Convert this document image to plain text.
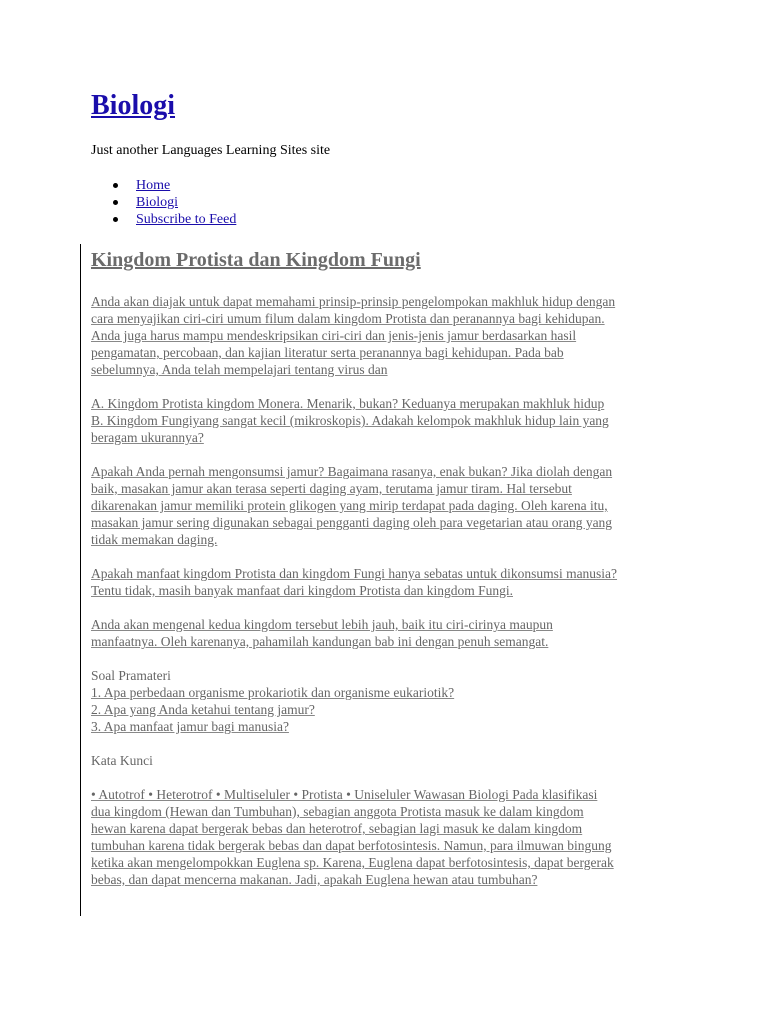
Biologi

Just another Languages Learning Sites site

Home
Biologi
Subscribe to Feed
Kingdom Protista dan Kingdom Fungi

Anda akan diajak untuk dapat memahami prinsip-prinsip pengelompokan makhluk hidup dengan
cara menyajikan ciri-ciri umum filum dalam kingdom Protista dan peranannya bagi kehidupan.
Anda juga harus mampu mendeskripsikan ciri-ciri dan jenis-jenis jamur berdasarkan hasil
pengamatan, percobaan, dan kajian literatur serta peranannya bagi kehidupan. Pada bab
sebelumnya, Anda telah mempelajari tentang virus dan

A. Kingdom Protista kingdom Monera. Menarik, bukan? Keduanya merupakan makhluk hidup
B. Kingdom Fungiyang sangat kecil (mikroskopis). Adakah kelompok makhluk hidup lain yang
beragam ukurannya?

Apakah Anda pernah mengonsumsi jamur? Bagaimana rasanya, enak bukan? Jika diolah dengan
baik, masakan jamur akan terasa seperti daging ayam, terutama jamur tiram. Hal tersebut
dikarenakan jamur memiliki protein glikogen yang mirip terdapat pada daging. Oleh karena itu,
masakan jamur sering digunakan sebagai pengganti daging oleh para vegetarian atau orang yang
tidak memakan daging.

Apakah manfaat kingdom Protista dan kingdom Fungi hanya sebatas untuk dikonsumsi manusia?
Tentu tidak, masih banyak manfaat dari kingdom Protista dan kingdom Fungi.

Anda akan mengenal kedua kingdom tersebut lebih jauh, baik itu ciri-cirinya maupun
manfaatnya. Oleh karenanya, pahamilah kandungan bab ini dengan penuh semangat.

Soal Pramateri
1. Apa perbedaan organisme prokariotik dan organisme eukariotik?
2. Apa yang Anda ketahui tentang jamur?
3. Apa manfaat jamur bagi manusia?

Kata Kunci

• Autotrof • Heterotrof • Multiseluler • Protista • Uniseluler Wawasan Biologi Pada klasifikasi
dua kingdom (Hewan dan Tumbuhan), sebagian anggota Protista masuk ke dalam kingdom
hewan karena dapat bergerak bebas dan heterotrof, sebagian lagi masuk ke dalam kingdom
tumbuhan karena tidak bergerak bebas dan dapat berfotosintesis. Namun, para ilmuwan bingung
ketika akan mengelompokkan Euglena sp. Karena, Euglena dapat berfotosintesis, dapat bergerak
bebas, dan dapat mencerna makanan. Jadi, apakah Euglena hewan atau tumbuhan?
